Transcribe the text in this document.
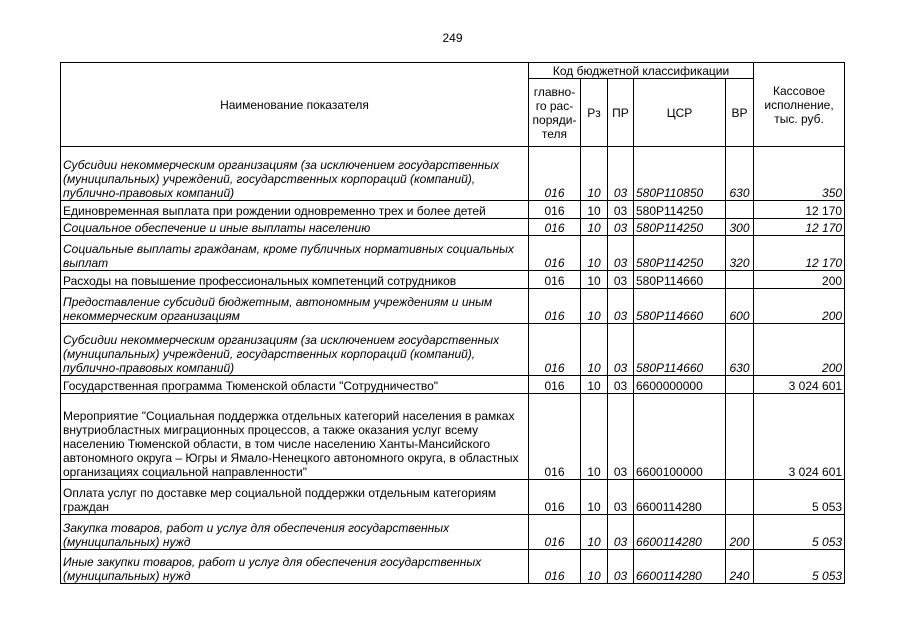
249
Наименование показателя	Код бюджетной классификации					Кассовое исполнение, тыс. руб.
	главно-го рас-поряди-теля	Рз	ПР	ЦСР	ВР	

Субсидии некоммерческим организациям (за исключением государственных (муниципальных) учреждений, государственных корпораций (компаний), публично-правовых компаний)	016	10	03	580P110850	630	350

Единовременная выплата при рождении одновременно трех и более детей	016	10	03	580P114250		12 170

Социальное обеспечение и иные выплаты населению	016	10	03	580P114250	300	12 170

Социальные выплаты гражданам, кроме публичных нормативных социальных выплат	016	10	03	580P114250	320	12 170

Расходы на повышение профессиональных компетенций сотрудников	016	10	03	580P114660		200

Предоставление субсидий бюджетным, автономным учреждениям и иным некоммерческим организациям	016	10	03	580P114660	600	200

Субсидии некоммерческим организациям (за исключением государственных (муниципальных) учреждений, государственных корпораций (компаний), публично-правовых компаний)	016	10	03	580P114660	630	200

Государственная программа Тюменской области "Сотрудничество"	016	10	03	6600000000		3 024 601

Мероприятие "Социальная поддержка отдельных категорий населения в рамках внутриобластных миграционных процессов, а также оказания услуг всему населению Тюменской области, в том числе населению Ханты-Мансийского автономного округа – Югры и Ямало-Ненецкого автономного округа, в областных организациях социальной направленности"	016	10	03	6600100000		3 024 601

Оплата услуг по доставке мер социальной поддержки отдельным категориям граждан	016	10	03	6600114280		5 053

Закупка товаров, работ и услуг для обеспечения государственных (муниципальных) нужд	016	10	03	6600114280	200	5 053

Иные закупки товаров, работ и услуг для обеспечения государственных (муниципальных) нужд	016	10	03	6600114280	240	5 053
